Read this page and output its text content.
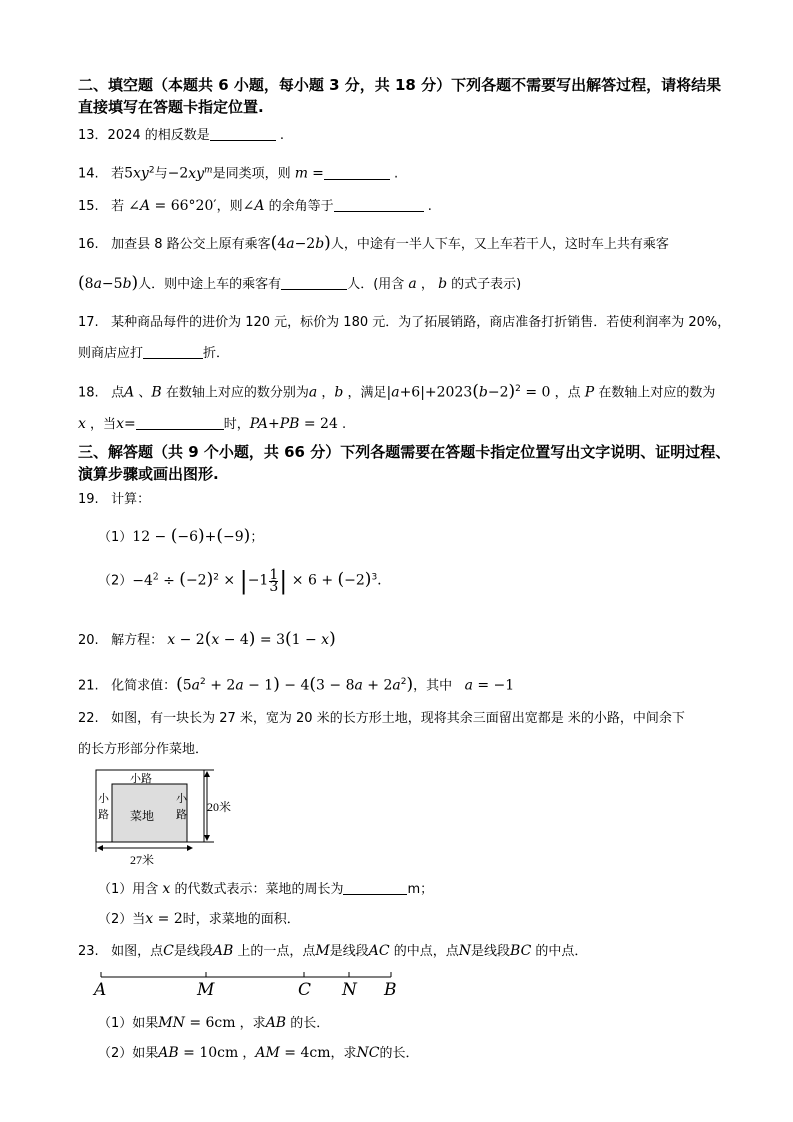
二、填空题（本题共 6 小题，每小题 3 分，共 18 分）下列各题不需要写出解答过程，请将结果
直接填写在答题卡指定位置.
13．2024 的相反数是	.
14. 若$5xy^2$与$-2xy^m$是同类项，则 m =	.
15. 若 ∠A = 66°20′，则∠A 的余角等于	.
16. 加查县 8 路公交上原有乘客(4a−2b)人，中途有一半人下车，又上车若干人，这时车上共有乘客
(8a−5b)人．则中途上车的乘客有	人．(用含 a ， b 的式子表示)
17. 某种商品每件的进价为 120 元，标价为 180 元．为了拓展销路，商店准备打折销售．若使利润率为 20%，
则商店应打	折．
18. 点A 、B 在数轴上对应的数分别为a ，b ，满足$|a+6|+2023(b-2)^2 = 0$ ，点 P 在数轴上对应的数为
x ，当x=	时，PA+PB = 24 .
三、解答题（共 9 个小题，共 66 分）下列各题需要在答题卡指定位置写出文字说明、证明过程、
演算步骤或画出图形.
19. 计算：
（1）12 − (−6)+(−9)；
$(2)-4^2 \div (-2)^2 \times |-1 \frac{1}{3}$ | × $6 + (-2)^3$.
20. 解方程： x − 2(x − 4) = 3(1 − x)
21. 化简求值：$(5a^2 + 2a - 1) - 4(3 - 8a + 2a^2)$，其中 a = −1
22. 如图，有一块长为 27 米，宽为 20 米的长方形土地，现将其余三面留出宽都是 米的小路，中间余下
的长方形部分作菜地．
小路
小
路
小
路
菜地
20米
27米
（1）用含 x 的代数式表示：菜地的周长为	m；
（2）当x = 2时，求菜地的面积．
23. 如图，点C是线段AB 上的一点，点M是线段AC 的中点，点N是线段BC 的中点．
A	M	C N B
（1）如果MN = 6cm ，求AB 的长．
（2）如果AB = 10cm ，AM = 4cm，求NC的长．
